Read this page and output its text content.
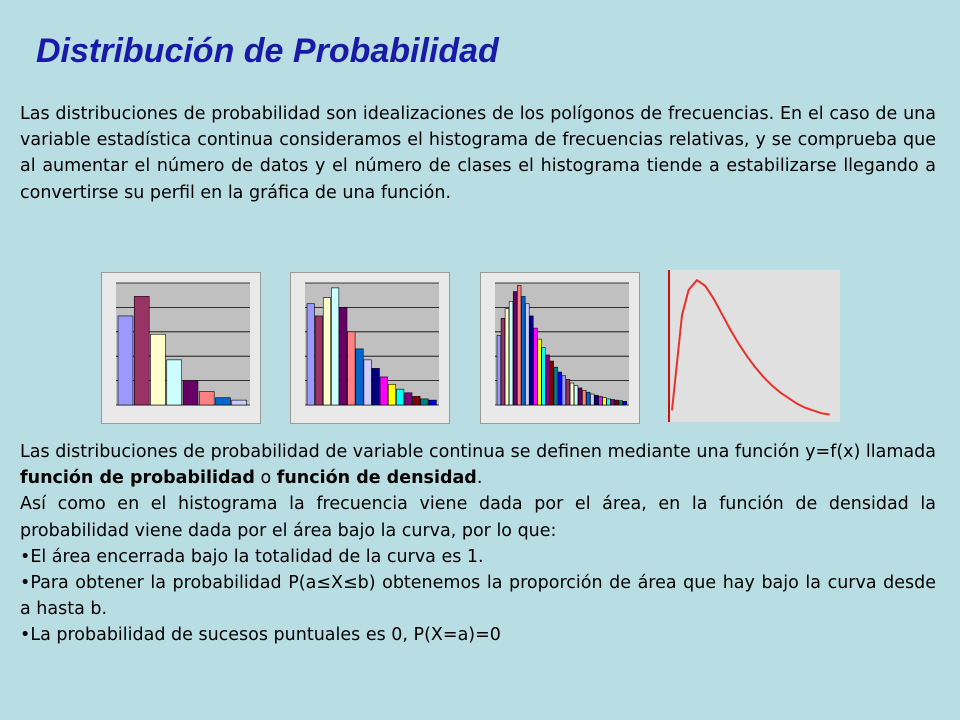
Distribución de Probabilidad

Las distribuciones de probabilidad son idealizaciones de los polígonos de frecuencias. En el caso de una variable estadística continua consideramos el histograma de frecuencias relativas, y se comprueba que al aumentar el número de datos y el número de clases el histograma tiende a estabilizarse llegando a convertirse su perfil en la gráfica de una función.

Las distribuciones de probabilidad de variable continua se definen mediante una función y=f(x) llamada función de probabilidad o función de densidad.

Así como en el histograma la frecuencia viene dada por el área, en la función de densidad la probabilidad viene dada por el área bajo la curva, por lo que:

•El área encerrada bajo la totalidad de la curva es 1.

•Para obtener la probabilidad P(a≤X≤b) obtenemos la proporción de área que hay bajo la curva desde a hasta b.

•La probabilidad de sucesos puntuales es 0, P(X=a)=0
